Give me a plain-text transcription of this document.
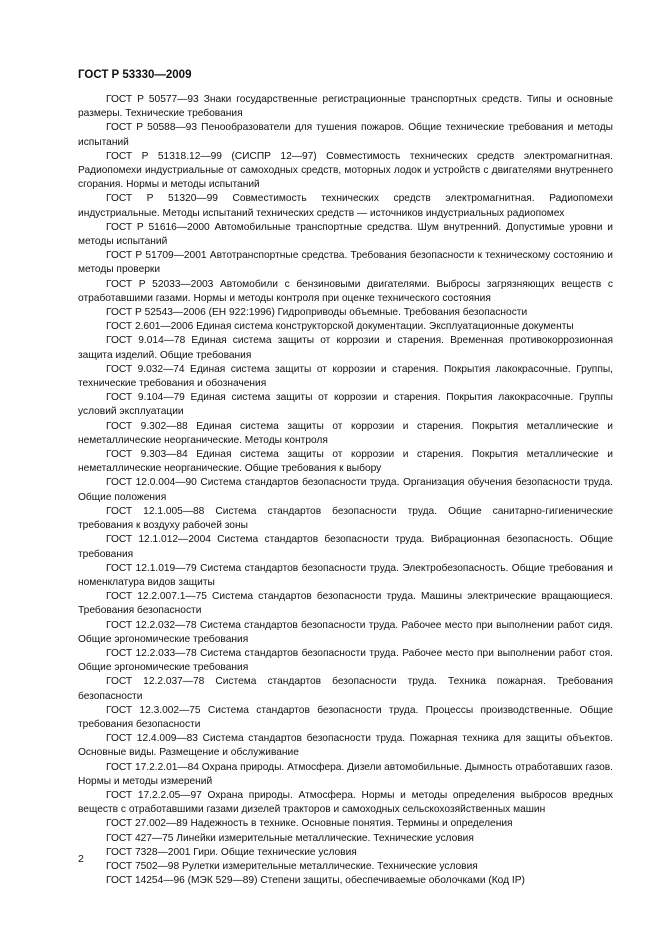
ГОСТ Р 53330—2009

ГОСТ Р 50577—93 Знаки государственные регистрационные транспортных средств. Типы и основные размеры. Технические требования

ГОСТ Р 50588—93 Пенообразователи для тушения пожаров. Общие технические требования и методы испытаний

ГОСТ Р 51318.12—99 (СИСПР 12—97) Совместимость технических средств электромагнитная. Радиопомехи индустриальные от самоходных средств, моторных лодок и устройств с двигателями внутреннего сгорания. Нормы и методы испытаний

ГОСТ Р 51320—99 Совместимость технических средств электромагнитная. Радиопомехи индустриальные. Методы испытаний технических средств — источников индустриальных радиопомех

ГОСТ Р 51616—2000 Автомобильные транспортные средства. Шум внутренний. Допустимые уровни и методы испытаний

ГОСТ Р 51709—2001 Автотранспортные средства. Требования безопасности к техническому состоянию и методы проверки

ГОСТ Р 52033—2003 Автомобили с бензиновыми двигателями. Выбросы загрязняющих веществ с отработавшими газами. Нормы и методы контроля при оценке технического состояния

ГОСТ Р 52543—2006 (ЕН 922:1996) Гидроприводы объемные. Требования безопасности

ГОСТ 2.601—2006 Единая система конструкторской документации. Эксплуатационные документы

ГОСТ 9.014—78 Единая система защиты от коррозии и старения. Временная противокоррозионная защита изделий. Общие требования

ГОСТ 9.032—74 Единая система защиты от коррозии и старения. Покрытия лакокрасочные. Группы, технические требования и обозначения

ГОСТ 9.104—79 Единая система защиты от коррозии и старения. Покрытия лакокрасочные. Группы условий эксплуатации

ГОСТ 9.302—88 Единая система защиты от коррозии и старения. Покрытия металлические и неметаллические неорганические. Методы контроля

ГОСТ 9.303—84 Единая система защиты от коррозии и старения. Покрытия металлические и неметаллические неорганические. Общие требования к выбору

ГОСТ 12.0.004—90 Система стандартов безопасности труда. Организация обучения безопасности труда. Общие положения

ГОСТ 12.1.005—88 Система стандартов безопасности труда. Общие санитарно-гигиенические требования к воздуху рабочей зоны

ГОСТ 12.1.012—2004 Система стандартов безопасности труда. Вибрационная безопасность. Общие требования

ГОСТ 12.1.019—79 Система стандартов безопасности труда. Электробезопасность. Общие требования и номенклатура видов защиты

ГОСТ 12.2.007.1—75 Система стандартов безопасности труда. Машины электрические вращающиеся. Требования безопасности

ГОСТ 12.2.032—78 Система стандартов безопасности труда. Рабочее место при выполнении работ сидя. Общие эргономические требования

ГОСТ 12.2.033—78 Система стандартов безопасности труда. Рабочее место при выполнении работ стоя. Общие эргономические требования

ГОСТ 12.2.037—78 Система стандартов безопасности труда. Техника пожарная. Требования безопасности

ГОСТ 12.3.002—75 Система стандартов безопасности труда. Процессы производственные. Общие требования безопасности

ГОСТ 12.4.009—83 Система стандартов безопасности труда. Пожарная техника для защиты объектов. Основные виды. Размещение и обслуживание

ГОСТ 17.2.2.01—84 Охрана природы. Атмосфера. Дизели автомобильные. Дымность отработавших газов. Нормы и методы измерений

ГОСТ 17.2.2.05—97 Охрана природы. Атмосфера. Нормы и методы определения выбросов вредных веществ с отработавшими газами дизелей тракторов и самоходных сельскохозяйственных машин

ГОСТ 27.002—89 Надежность в технике. Основные понятия. Термины и определения

ГОСТ 427—75 Линейки измерительные металлические. Технические условия

ГОСТ 7328—2001 Гири. Общие технические условия

ГОСТ 7502—98 Рулетки измерительные металлические. Технические условия

ГОСТ 14254—96 (МЭК 529—89) Степени защиты, обеспечиваемые оболочками (Код IP)

2
